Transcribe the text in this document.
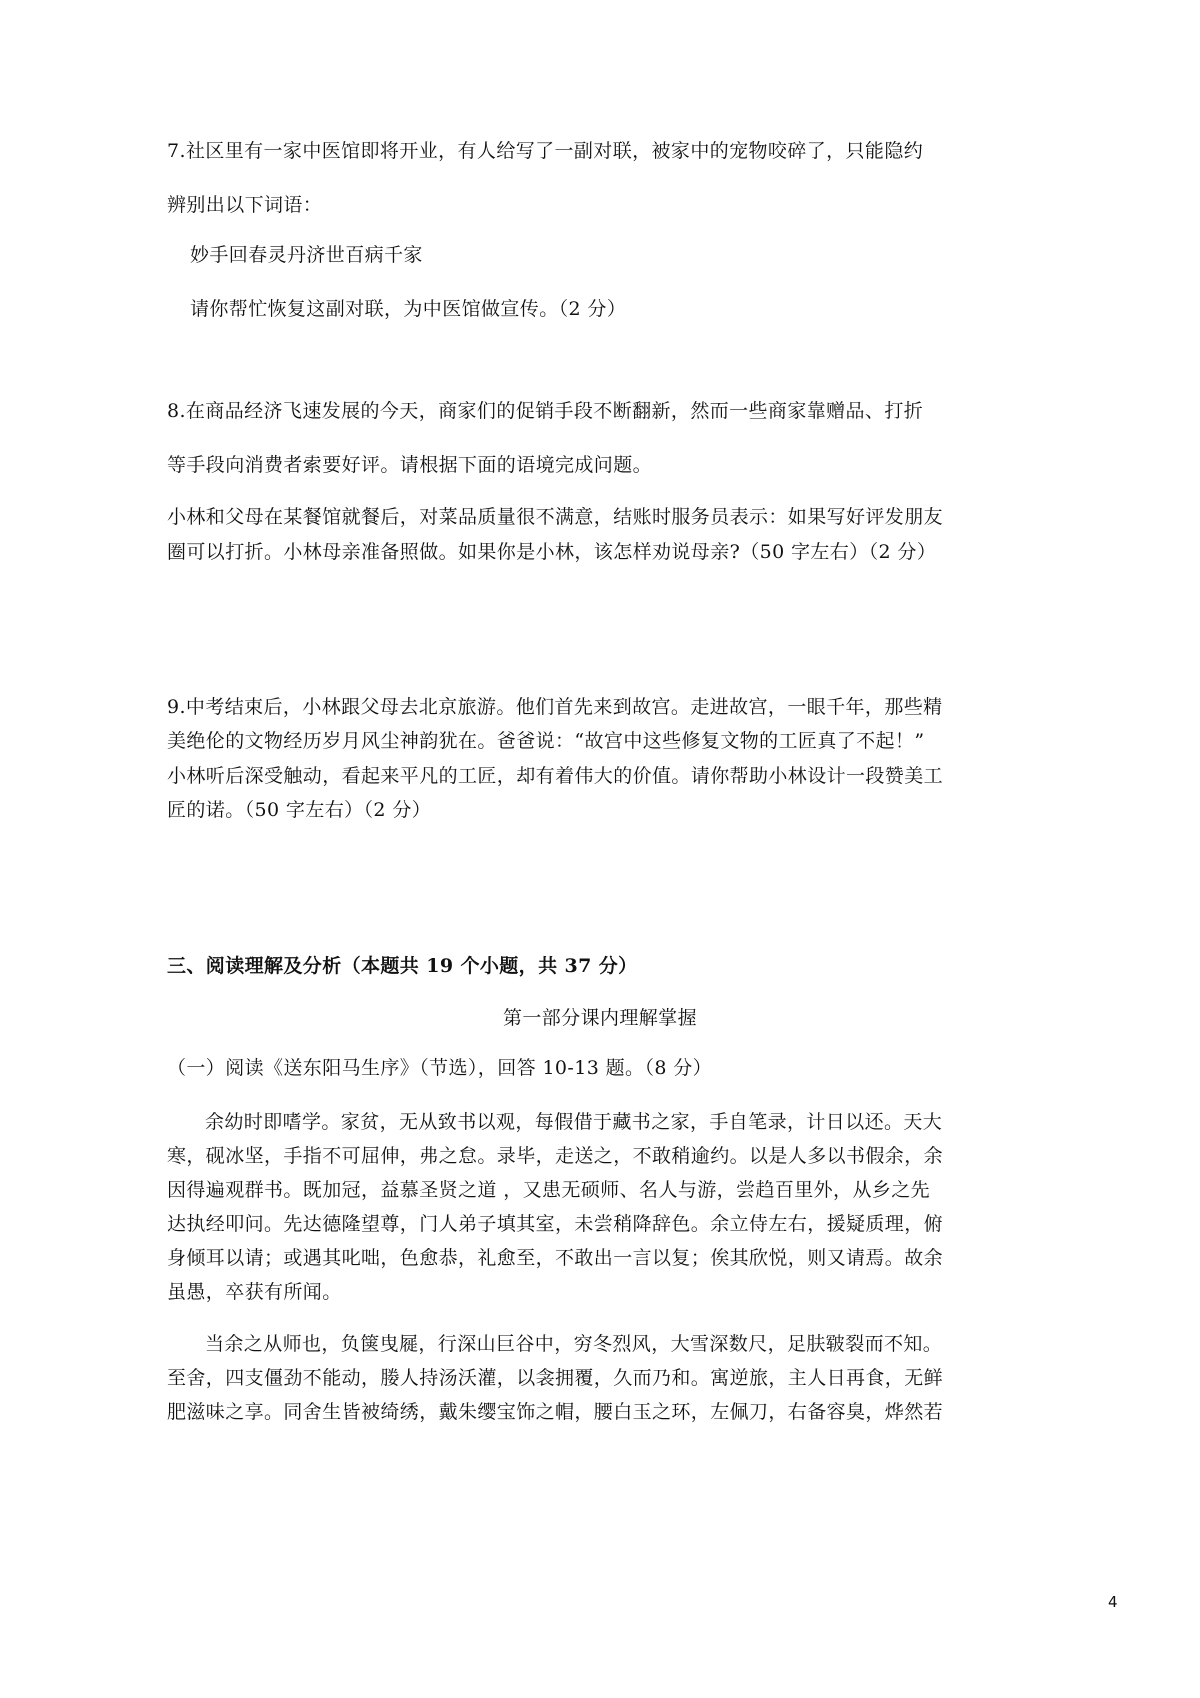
7.社区里有一家中医馆即将开业，有人给写了一副对联，被家中的宠物咬碎了，只能隐约
辨别出以下词语：
妙手回春灵丹济世百病千家
请你帮忙恢复这副对联，为中医馆做宣传。（2 分）
8.在商品经济飞速发展的今天，商家们的促销手段不断翻新，然而一些商家靠赠品、打折
等手段向消费者索要好评。请根据下面的语境完成问题。
小林和父母在某餐馆就餐后，对菜品质量很不满意，结账时服务员表示：如果写好评发朋友
圈可以打折。小林母亲准备照做。如果你是小林，该怎样劝说母亲?（50 字左右）（2 分）
9.中考结束后，小林跟父母去北京旅游。他们首先来到故宫。走进故宫，一眼千年，那些精
美绝伦的文物经历岁月风尘神韵犹在。爸爸说：“故宫中这些修复文物的工匠真了不起！”
小林听后深受触动，看起来平凡的工匠，却有着伟大的价值。请你帮助小林设计一段赞美工
匠的诺。（50 字左右）（2 分）
三、阅读理解及分析（本题共 19 个小题，共 37 分）
第一部分课内理解掌握
（一）阅读《送东阳马生序》（节选），回答 10-13 题。（8 分）
余幼时即嗜学。家贫，无从致书以观，每假借于藏书之家，手自笔录，计日以还。天大
寒，砚冰坚，手指不可屈伸，弗之怠。录毕，走送之，不敢稍逾约。以是人多以书假余，余
因得遍观群书。既加冠，益慕圣贤之道 ，又患无硕师、名人与游，尝趋百里外，从乡之先
达执经叩问。先达德隆望尊，门人弟子填其室，未尝稍降辞色。余立侍左右，援疑质理，俯
身倾耳以请；或遇其叱咄，色愈恭，礼愈至，不敢出一言以复；俟其欣悦，则又请焉。故余
虽愚，卒获有所闻。
当余之从师也，负箧曳屣，行深山巨谷中，穷冬烈风，大雪深数尺，足肤皲裂而不知。
至舍，四支僵劲不能动，媵人持汤沃灌，以衾拥覆，久而乃和。寓逆旅，主人日再食，无鲜
肥滋味之享。同舍生皆被绮绣，戴朱缨宝饰之帽，腰白玉之环，左佩刀，右备容臭，烨然若
4
